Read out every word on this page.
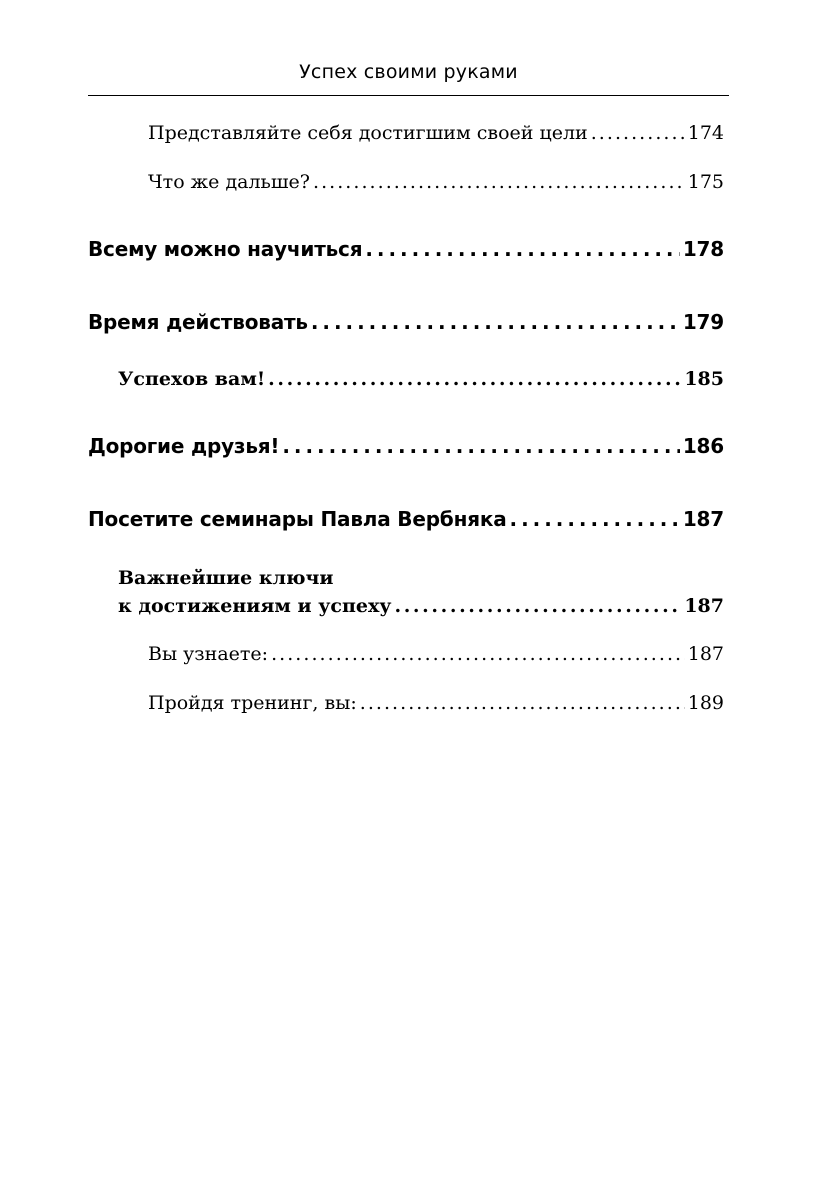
Успех своими руками
Представляйте себя достигшим своей цели . . .	174
Что же дальше? . . .	175
Всему можно научиться . . .	178
Время действовать . . .	179
Успехов вам! . . .	185
Дорогие друзья! . . .	186
Посетите семинары Павла Вербняка . . .	187
Важнейшие ключи
к достижениям и успеху . . .	187
Вы узнаете: . . .	187
Пройдя тренинг, вы: . . .	189
